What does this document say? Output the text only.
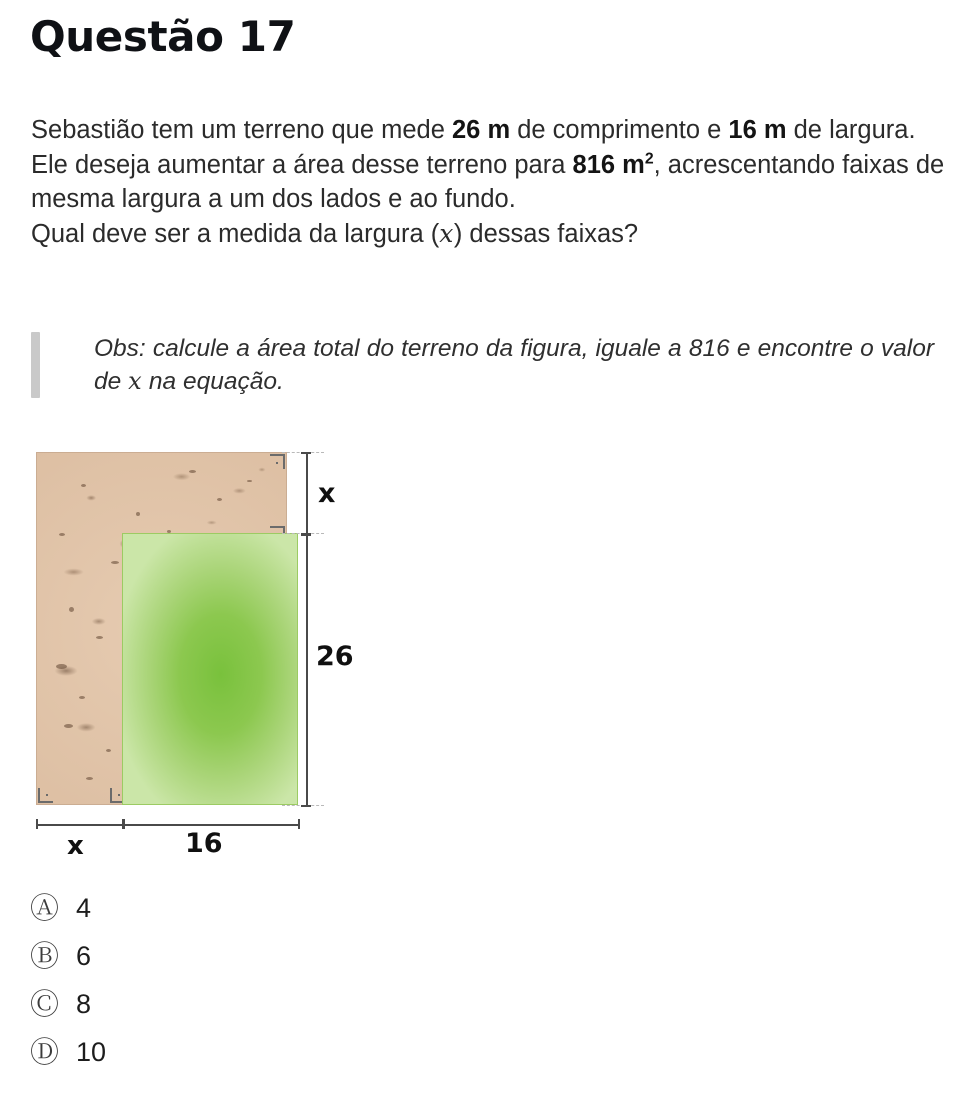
Questão 17

Sebastião tem um terreno que mede 26 m de comprimento e 16 m de largura.

Ele deseja aumentar a área desse terreno para 816 $m^2$, acrescentando faixas de mesma largura a um dos lados e ao fundo.

Qual deve ser a medida da largura (x) dessas faixas?

Obs: calcule a área total do terreno da figura, iguale a 816 e encontre o valor de x na equação.
x
26
x	16
Ⓐ 4
Ⓑ 6
Ⓒ 8
Ⓓ 10
